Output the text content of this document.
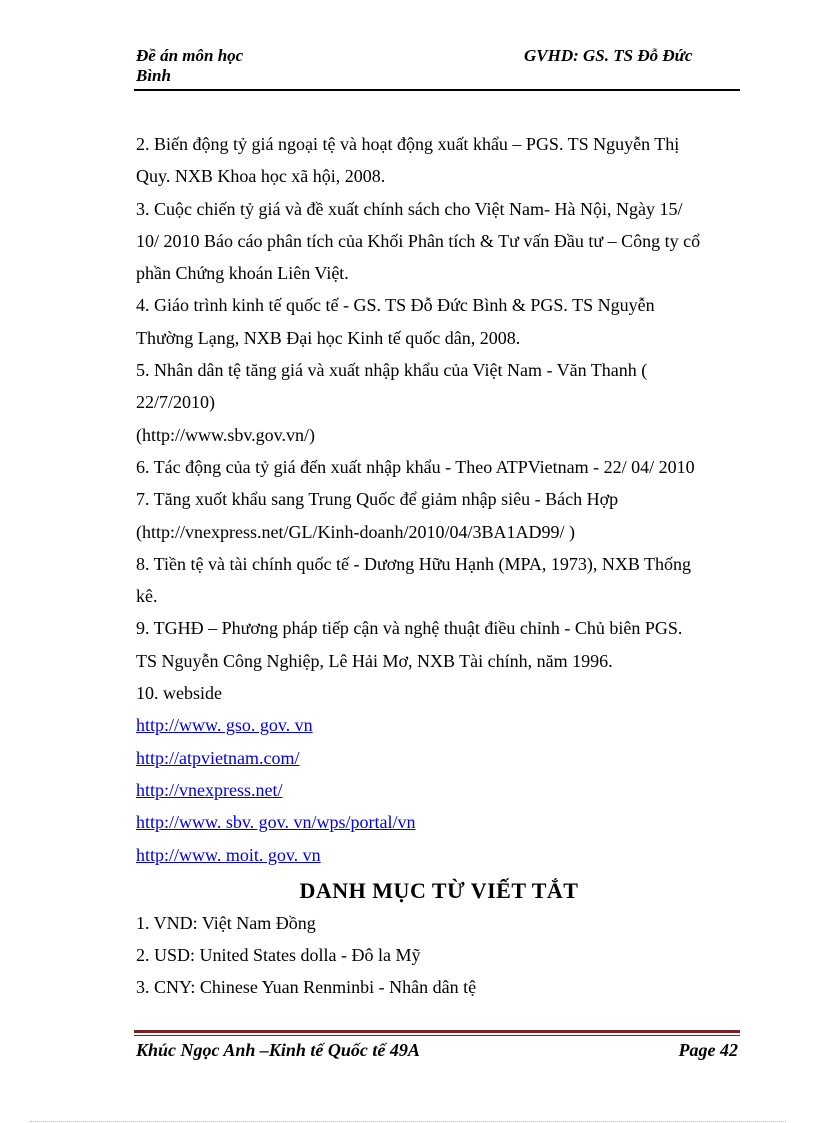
Đề án môn học
Bình
GVHD: GS. TS Đỗ Đức

2. Biến động tỷ giá ngoại tệ và hoạt động xuất khẩu – PGS. TS Nguyễn Thị

Quy. NXB Khoa học xã hội, 2008.

3. Cuộc chiến tỷ giá và đề xuất chính sách cho Việt Nam- Hà Nội, Ngày 15/

10/ 2010 Báo cáo phân tích của Khối Phân tích & Tư vấn Đầu tư – Công ty cổ

phần Chứng khoán Liên Việt.

4. Giáo trình kinh tế quốc tế - GS. TS Đỗ Đức Bình & PGS. TS Nguyễn

Thường Lạng, NXB Đại học Kinh tế quốc dân, 2008.

5. Nhân dân tệ tăng giá và xuất nhập khẩu của Việt Nam - Văn Thanh (

22/7/2010)

(http://www.sbv.gov.vn/)

6. Tác động của tỷ giá đến xuất nhập khẩu - Theo ATPVietnam - 22/ 04/ 2010

7. Tăng xuốt khẩu sang Trung Quốc để giảm nhập siêu - Bách Hợp

(http://vnexpress.net/GL/Kinh-doanh/2010/04/3BA1AD99/ )

8. Tiền tệ và tài chính quốc tế - Dương Hữu Hạnh (MPA, 1973), NXB Thống

kê.

9. TGHĐ – Phương pháp tiếp cận và nghệ thuật điều chỉnh - Chủ biên PGS.

TS Nguyễn Công Nghiệp, Lê Hải Mơ, NXB Tài chính, năm 1996.

10. webside

http://www. gso. gov. vn
http://atpvietnam.com/
http://vnexpress.net/
http://www. sbv. gov. vn/wps/portal/vn
http://www. moit. gov. vn
DANH MỤC TỪ VIẾT TẮT

1. VND: Việt Nam Đồng

2. USD: United States dolla - Đô la Mỹ

3. CNY: Chinese Yuan Renminbi - Nhân dân tệ

Khúc Ngọc Anh –Kinh tế Quốc tế 49A	Page 42
